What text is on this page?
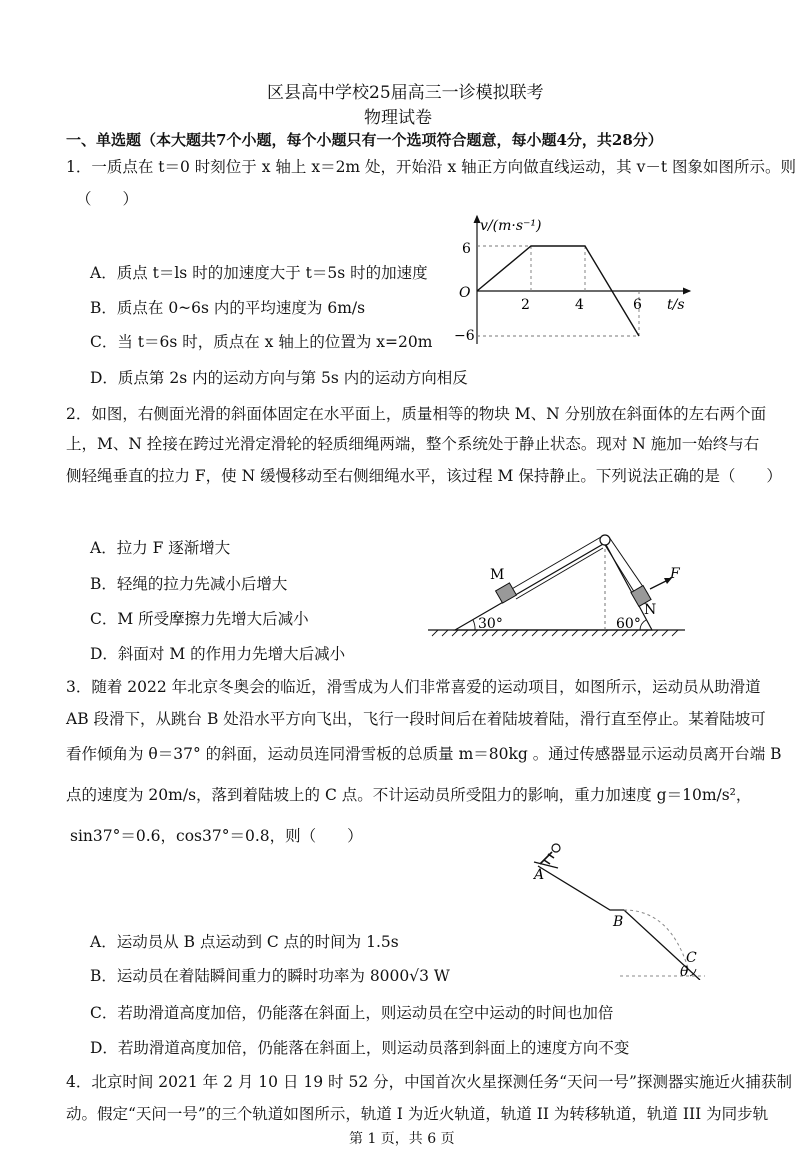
区县高中学校25届高三一诊模拟联考
物理试卷
一、单选题（本大题共7个小题，每个小题只有一个选项符合题意，每小题4分，共28分）
1．一质点在 t＝0 时刻位于 x 轴上 x＝2m 处，开始沿 x 轴正方向做直线运动，其 v－t 图象如图所示。则
（　　）
A．质点 t＝ls 时的加速度大于 t＝5s 时的加速度
B．质点在 0~6s 内的平均速度为 6m/s
C．当 t＝6s 时，质点在 x 轴上的位置为 x=20m
D．质点第 2s 内的运动方向与第 5s 内的运动方向相反
v/(m·s⁻¹)
t/s
O
6
−6
2	4	6
2．如图，右侧面光滑的斜面体固定在水平面上，质量相等的物块 M、N 分别放在斜面体的左右两个面
上，M、N 拴接在跨过光滑定滑轮的轻质细绳两端，整个系统处于静止状态。现对 N 施加一始终与右
侧轻绳垂直的拉力 F，使 N 缓慢移动至右侧细绳水平，该过程 M 保持静止。下列说法正确的是（　　）
A．拉力 F 逐渐增大
B．轻绳的拉力先减小后增大
C．M 所受摩擦力先增大后减小
D．斜面对 M 的作用力先增大后减小
M
N
F
30°	60°
3．随着 2022 年北京冬奥会的临近，滑雪成为人们非常喜爱的运动项目，如图所示，运动员从助滑道
AB 段滑下，从跳台 B 处沿水平方向飞出，飞行一段时间后在着陆坡着陆，滑行直至停止。某着陆坡可
看作倾角为 θ＝37° 的斜面，运动员连同滑雪板的总质量 m＝80kg 。通过传感器显示运动员离开台端 B
点的速度为 20m/s，落到着陆坡上的 C 点。不计运动员所受阻力的影响，重力加速度 g＝10m/s²，
sin37°＝0.6，cos37°＝0.8，则（　　）
A．运动员从 B 点运动到 C 点的时间为 1.5s
B．运动员在着陆瞬间重力的瞬时功率为 8000√3 W
C．若助滑道高度加倍，仍能落在斜面上，则运动员在空中运动的时间也加倍
D．若助滑道高度加倍，仍能落在斜面上，则运动员落到斜面上的速度方向不变
A
B
C
θ
4．北京时间 2021 年 2 月 10 日 19 时 52 分，中国首次火星探测任务“天问一号”探测器实施近火捕获制
动。假定“天问一号”的三个轨道如图所示，轨道 I 为近火轨道，轨道 II 为转移轨道，轨道 III 为同步轨
第 1 页，共 6 页
